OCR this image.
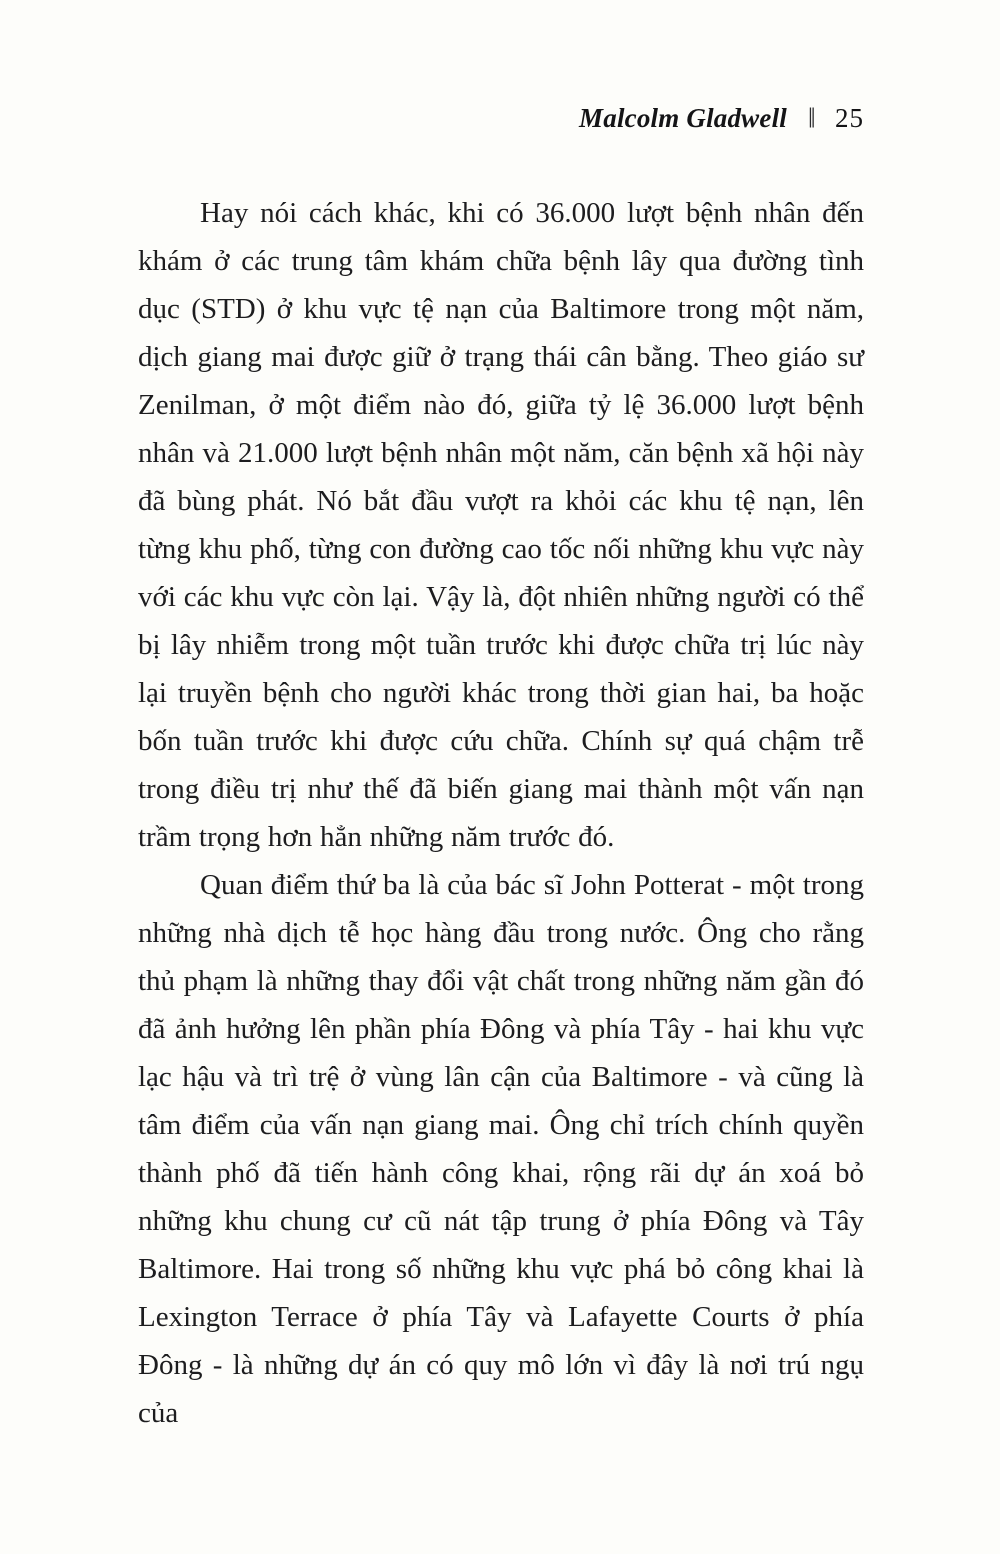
Malcolm Gladwell ‖ 25

Hay nói cách khác, khi có 36.000 lượt bệnh nhân đến khám ở các trung tâm khám chữa bệnh lây qua đường tình dục (STD) ở khu vực tệ nạn của Baltimore trong một năm, dịch giang mai được giữ ở trạng thái cân bằng. Theo giáo sư Zenilman, ở một điểm nào đó, giữa tỷ lệ 36.000 lượt bệnh nhân và 21.000 lượt bệnh nhân một năm, căn bệnh xã hội này đã bùng phát. Nó bắt đầu vượt ra khỏi các khu tệ nạn, lên từng khu phố, từng con đường cao tốc nối những khu vực này với các khu vực còn lại. Vậy là, đột nhiên những người có thể bị lây nhiễm trong một tuần trước khi được chữa trị lúc này lại truyền bệnh cho người khác trong thời gian hai, ba hoặc bốn tuần trước khi được cứu chữa. Chính sự quá chậm trễ trong điều trị như thế đã biến giang mai thành một vấn nạn trầm trọng hơn hẳn những năm trước đó.

Quan điểm thứ ba là của bác sĩ John Potterat - một trong những nhà dịch tễ học hàng đầu trong nước. Ông cho rằng thủ phạm là những thay đổi vật chất trong những năm gần đó đã ảnh hưởng lên phần phía Đông và phía Tây - hai khu vực lạc hậu và trì trệ ở vùng lân cận của Baltimore - và cũng là tâm điểm của vấn nạn giang mai. Ông chỉ trích chính quyền thành phố đã tiến hành công khai, rộng rãi dự án xoá bỏ những khu chung cư cũ nát tập trung ở phía Đông và Tây Baltimore. Hai trong số những khu vực phá bỏ công khai là Lexington Terrace ở phía Tây và Lafayette Courts ở phía Đông - là những dự án có quy mô lớn vì đây là nơi trú ngụ của
